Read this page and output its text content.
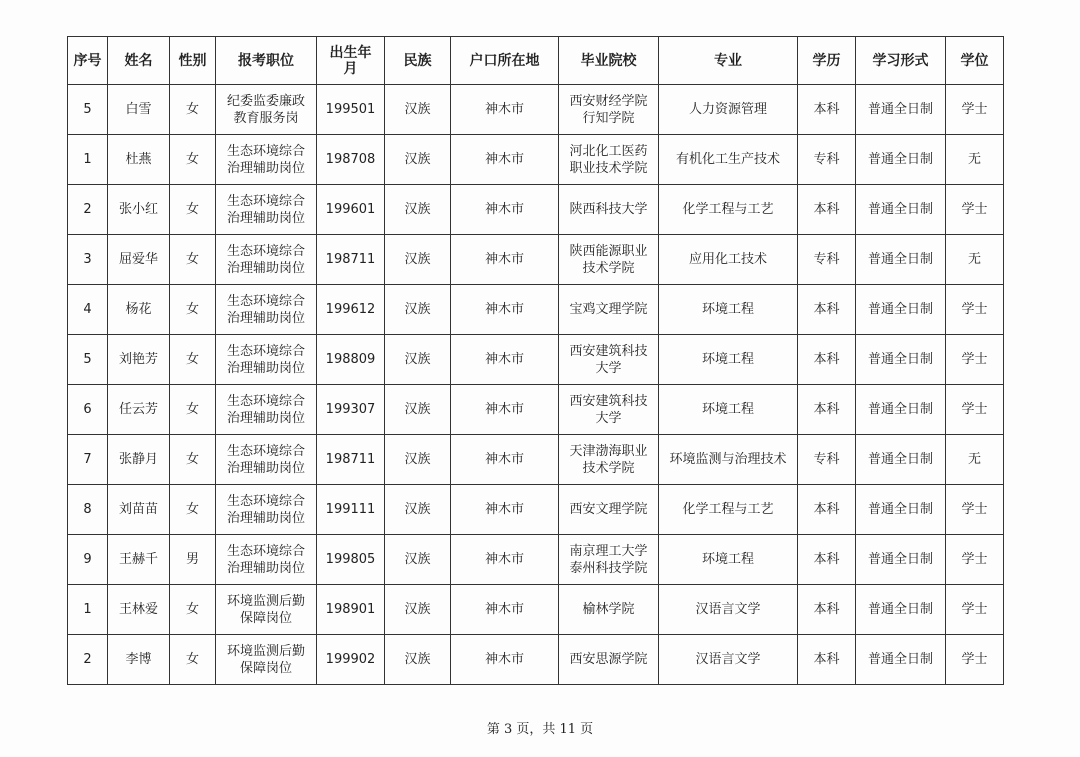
序号	姓名	性别	报考职位	出生年月	民族	户口所在地	毕业院校	专业	学历	学习形式	学位
5	白雪	女	纪委监委廉政教育服务岗	199501	汉族	神木市	西安财经学院行知学院	人力资源管理	本科	普通全日制	学士
1	杜燕	女	生态环境综合治理辅助岗位	198708	汉族	神木市	河北化工医药职业技术学院	有机化工生产技术	专科	普通全日制	无
2	张小红	女	生态环境综合治理辅助岗位	199601	汉族	神木市	陕西科技大学	化学工程与工艺	本科	普通全日制	学士
3	屈爱华	女	生态环境综合治理辅助岗位	198711	汉族	神木市	陕西能源职业技术学院	应用化工技术	专科	普通全日制	无
4	杨花	女	生态环境综合治理辅助岗位	199612	汉族	神木市	宝鸡文理学院	环境工程	本科	普通全日制	学士
5	刘艳芳	女	生态环境综合治理辅助岗位	198809	汉族	神木市	西安建筑科技大学	环境工程	本科	普通全日制	学士
6	任云芳	女	生态环境综合治理辅助岗位	199307	汉族	神木市	西安建筑科技大学	环境工程	本科	普通全日制	学士
7	张静月	女	生态环境综合治理辅助岗位	198711	汉族	神木市	天津渤海职业技术学院	环境监测与治理技术	专科	普通全日制	无
8	刘苗苗	女	生态环境综合治理辅助岗位	199111	汉族	神木市	西安文理学院	化学工程与工艺	本科	普通全日制	学士
9	王赫千	男	生态环境综合治理辅助岗位	199805	汉族	神木市	南京理工大学泰州科技学院	环境工程	本科	普通全日制	学士
1	王林爱	女	环境监测后勤保障岗位	198901	汉族	神木市	榆林学院	汉语言文学	本科	普通全日制	学士
2	李博	女	环境监测后勤保障岗位	199902	汉族	神木市	西安思源学院	汉语言文学	本科	普通全日制	学士
第 3 页，共 11 页
